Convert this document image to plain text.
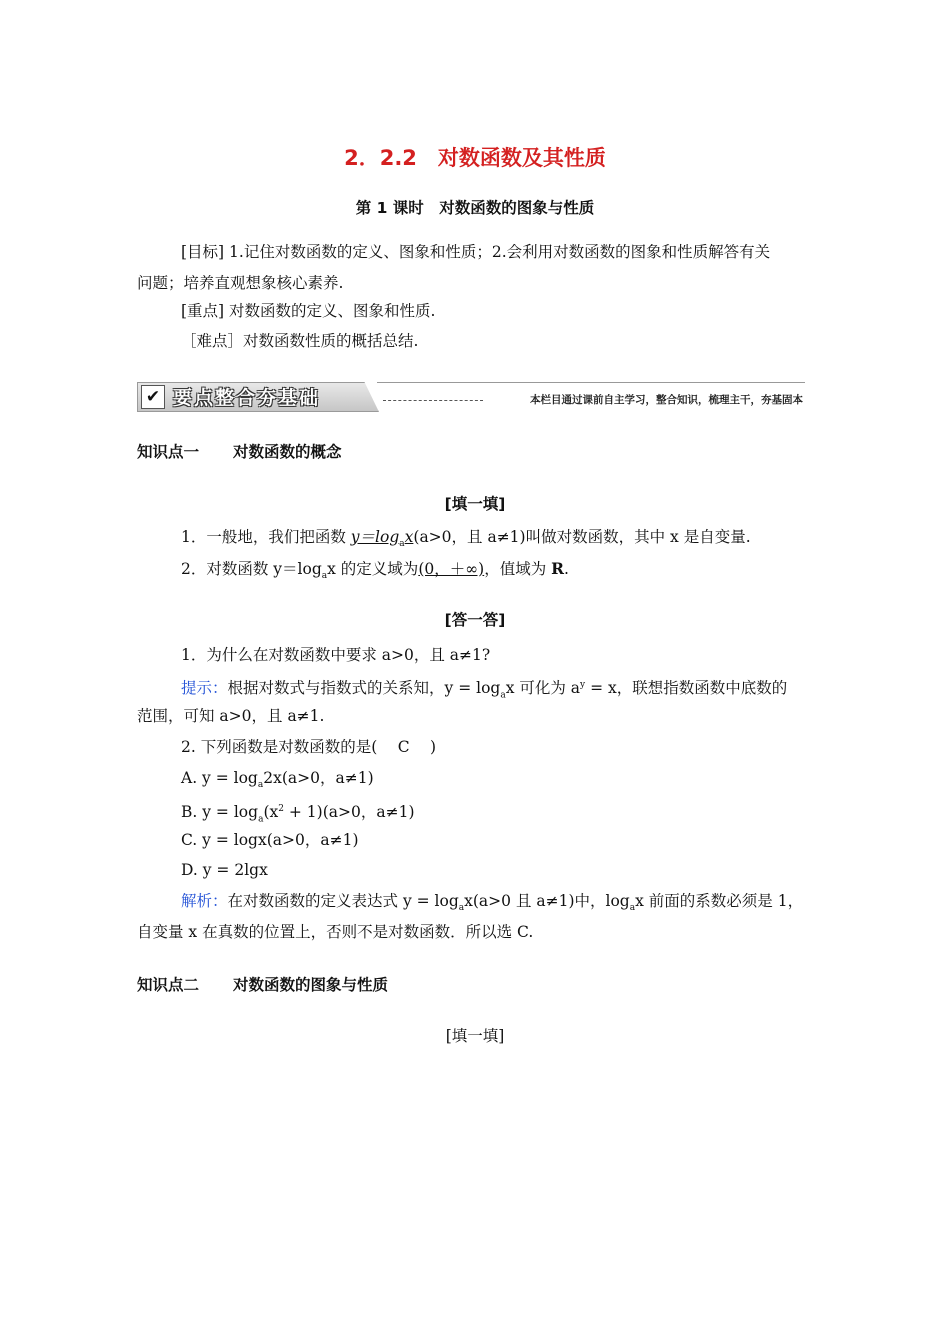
2．2.2　对数函数及其性质
第 1 课时　对数函数的图象与性质
[目标] 1.记住对数函数的定义、图象和性质；2.会利用对数函数的图象和性质解答有关
问题；培养直观想象核心素养.
[重点] 对数函数的定义、图象和性质.
［难点］对数函数性质的概括总结.
✔ 要点整合夯基础	本栏目通过课前自主学习，整合知识，梳理主干，夯基固本
知识点一 对数函数的概念
[填一填]
1．一般地，我们把函数 $y=\log_ax(a>0$，且 a≠1)叫做对数函数，其中 x 是自变量.
2．对数函数 $y=\log_ax$ 的定义域为(0，＋∞)，值域为 R.
[答一答]
1．为什么在对数函数中要求 a>0，且 a≠1?
提示：根据对数式与指数式的关系知，$y = \log_ax$ 可化为 $a^y = x$，联想指数函数中底数的
范围，可知 a>0，且 a≠1.
2. 下列函数是对数函数的是(　 C　 )
A. $y = \log_a2x(a>0$，a≠1)
B. $y = \log_a(x^2 + 1)(a>0$，a≠1)
C. y = logx(a>0，a≠1)
D. y = 2lgx
解析：在对数函数的定义表达式 $y = \log_ax(a>0$ 且 a≠1)中，$\log_ax$ 前面的系数必须是 1，
自变量 x 在真数的位置上，否则不是对数函数．所以选 C.
知识点二 对数函数的图象与性质
[填一填]
